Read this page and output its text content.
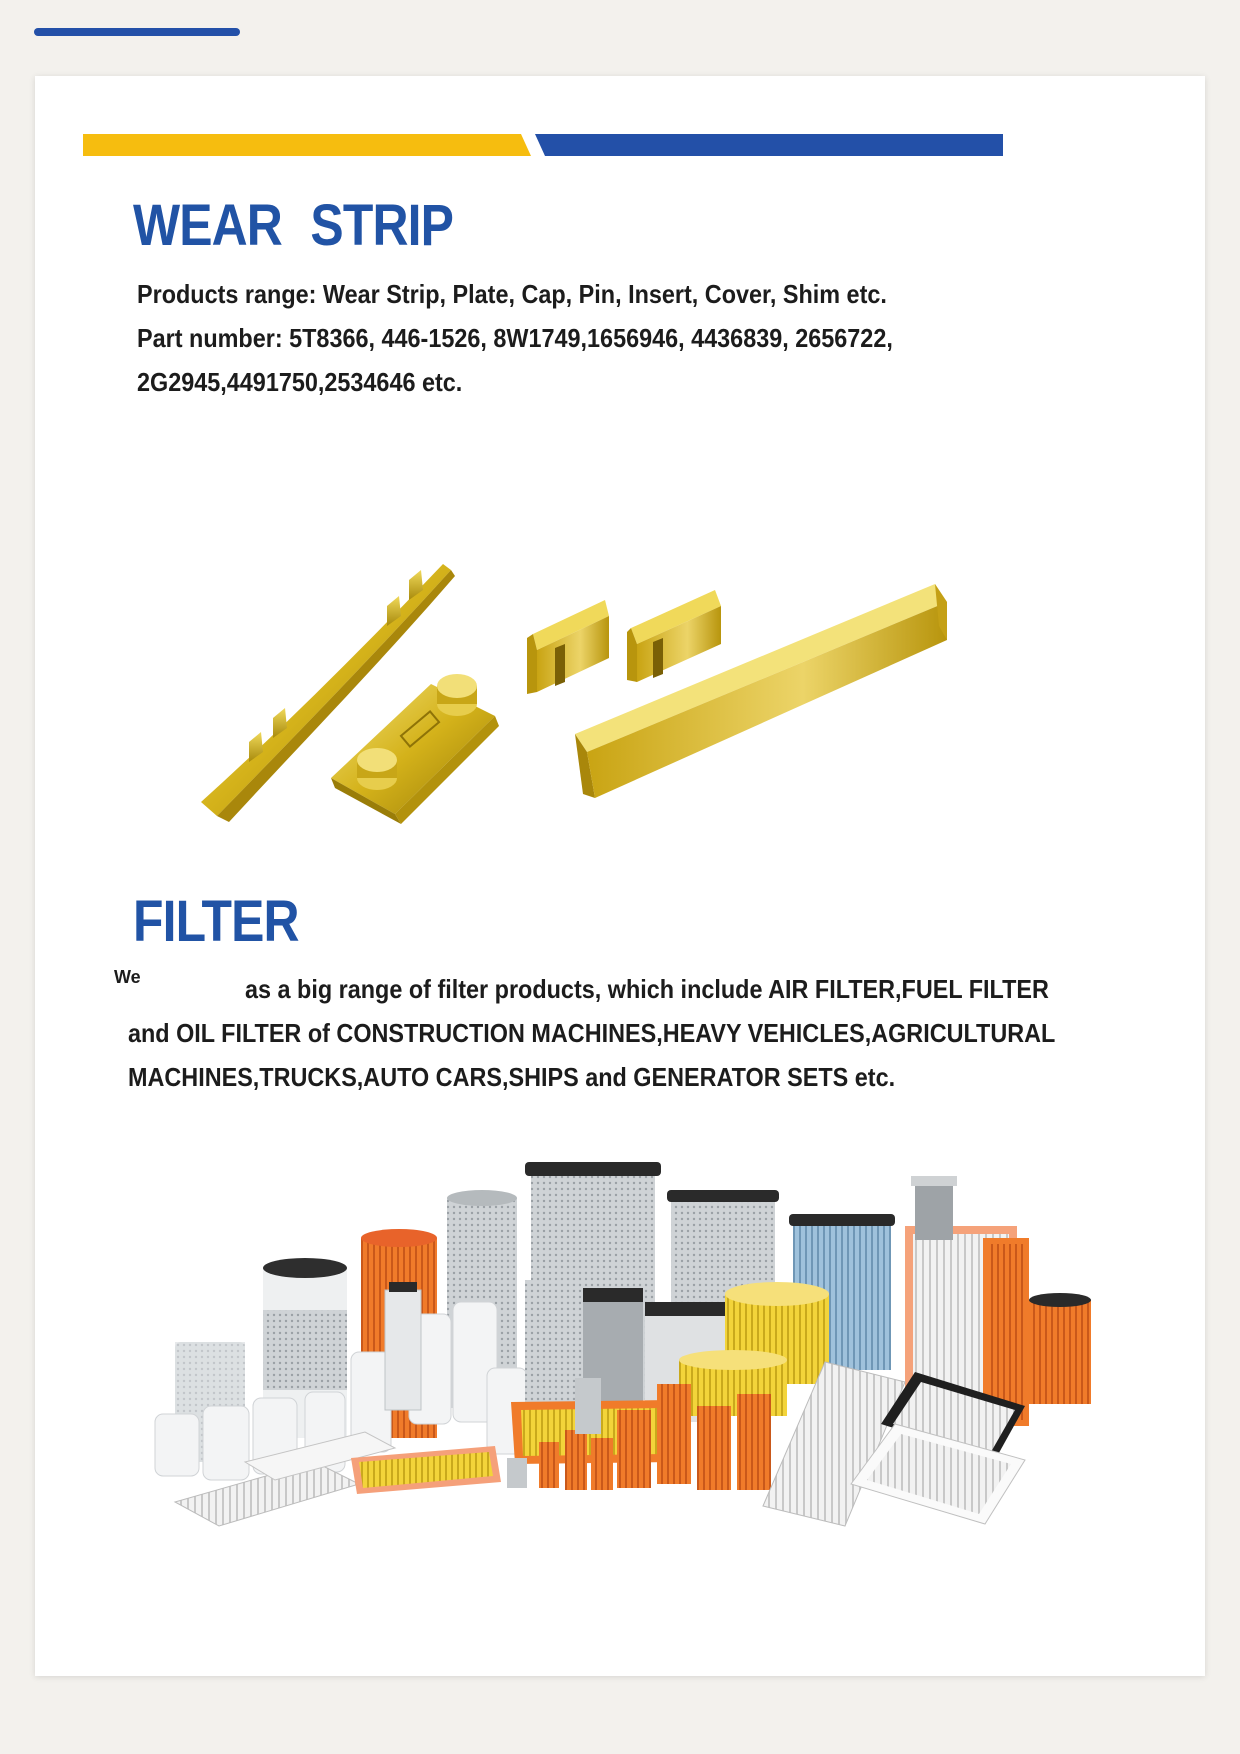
WEAR STRIP

Products range: Wear Strip, Plate, Cap, Pin, Insert, Cover, Shim etc.

Part number: 5T8366, 446-1526, 8W1749,1656946, 4436839, 2656722,

2G2945,4491750,2534646 etc.

FILTER

We	as a big range of filter products, which include AIR FILTER,FUEL FILTER

and OIL FILTER of CONSTRUCTION MACHINES,HEAVY VEHICLES,AGRICULTURAL

MACHINES,TRUCKS,AUTO CARS,SHIPS and GENERATOR SETS etc.
